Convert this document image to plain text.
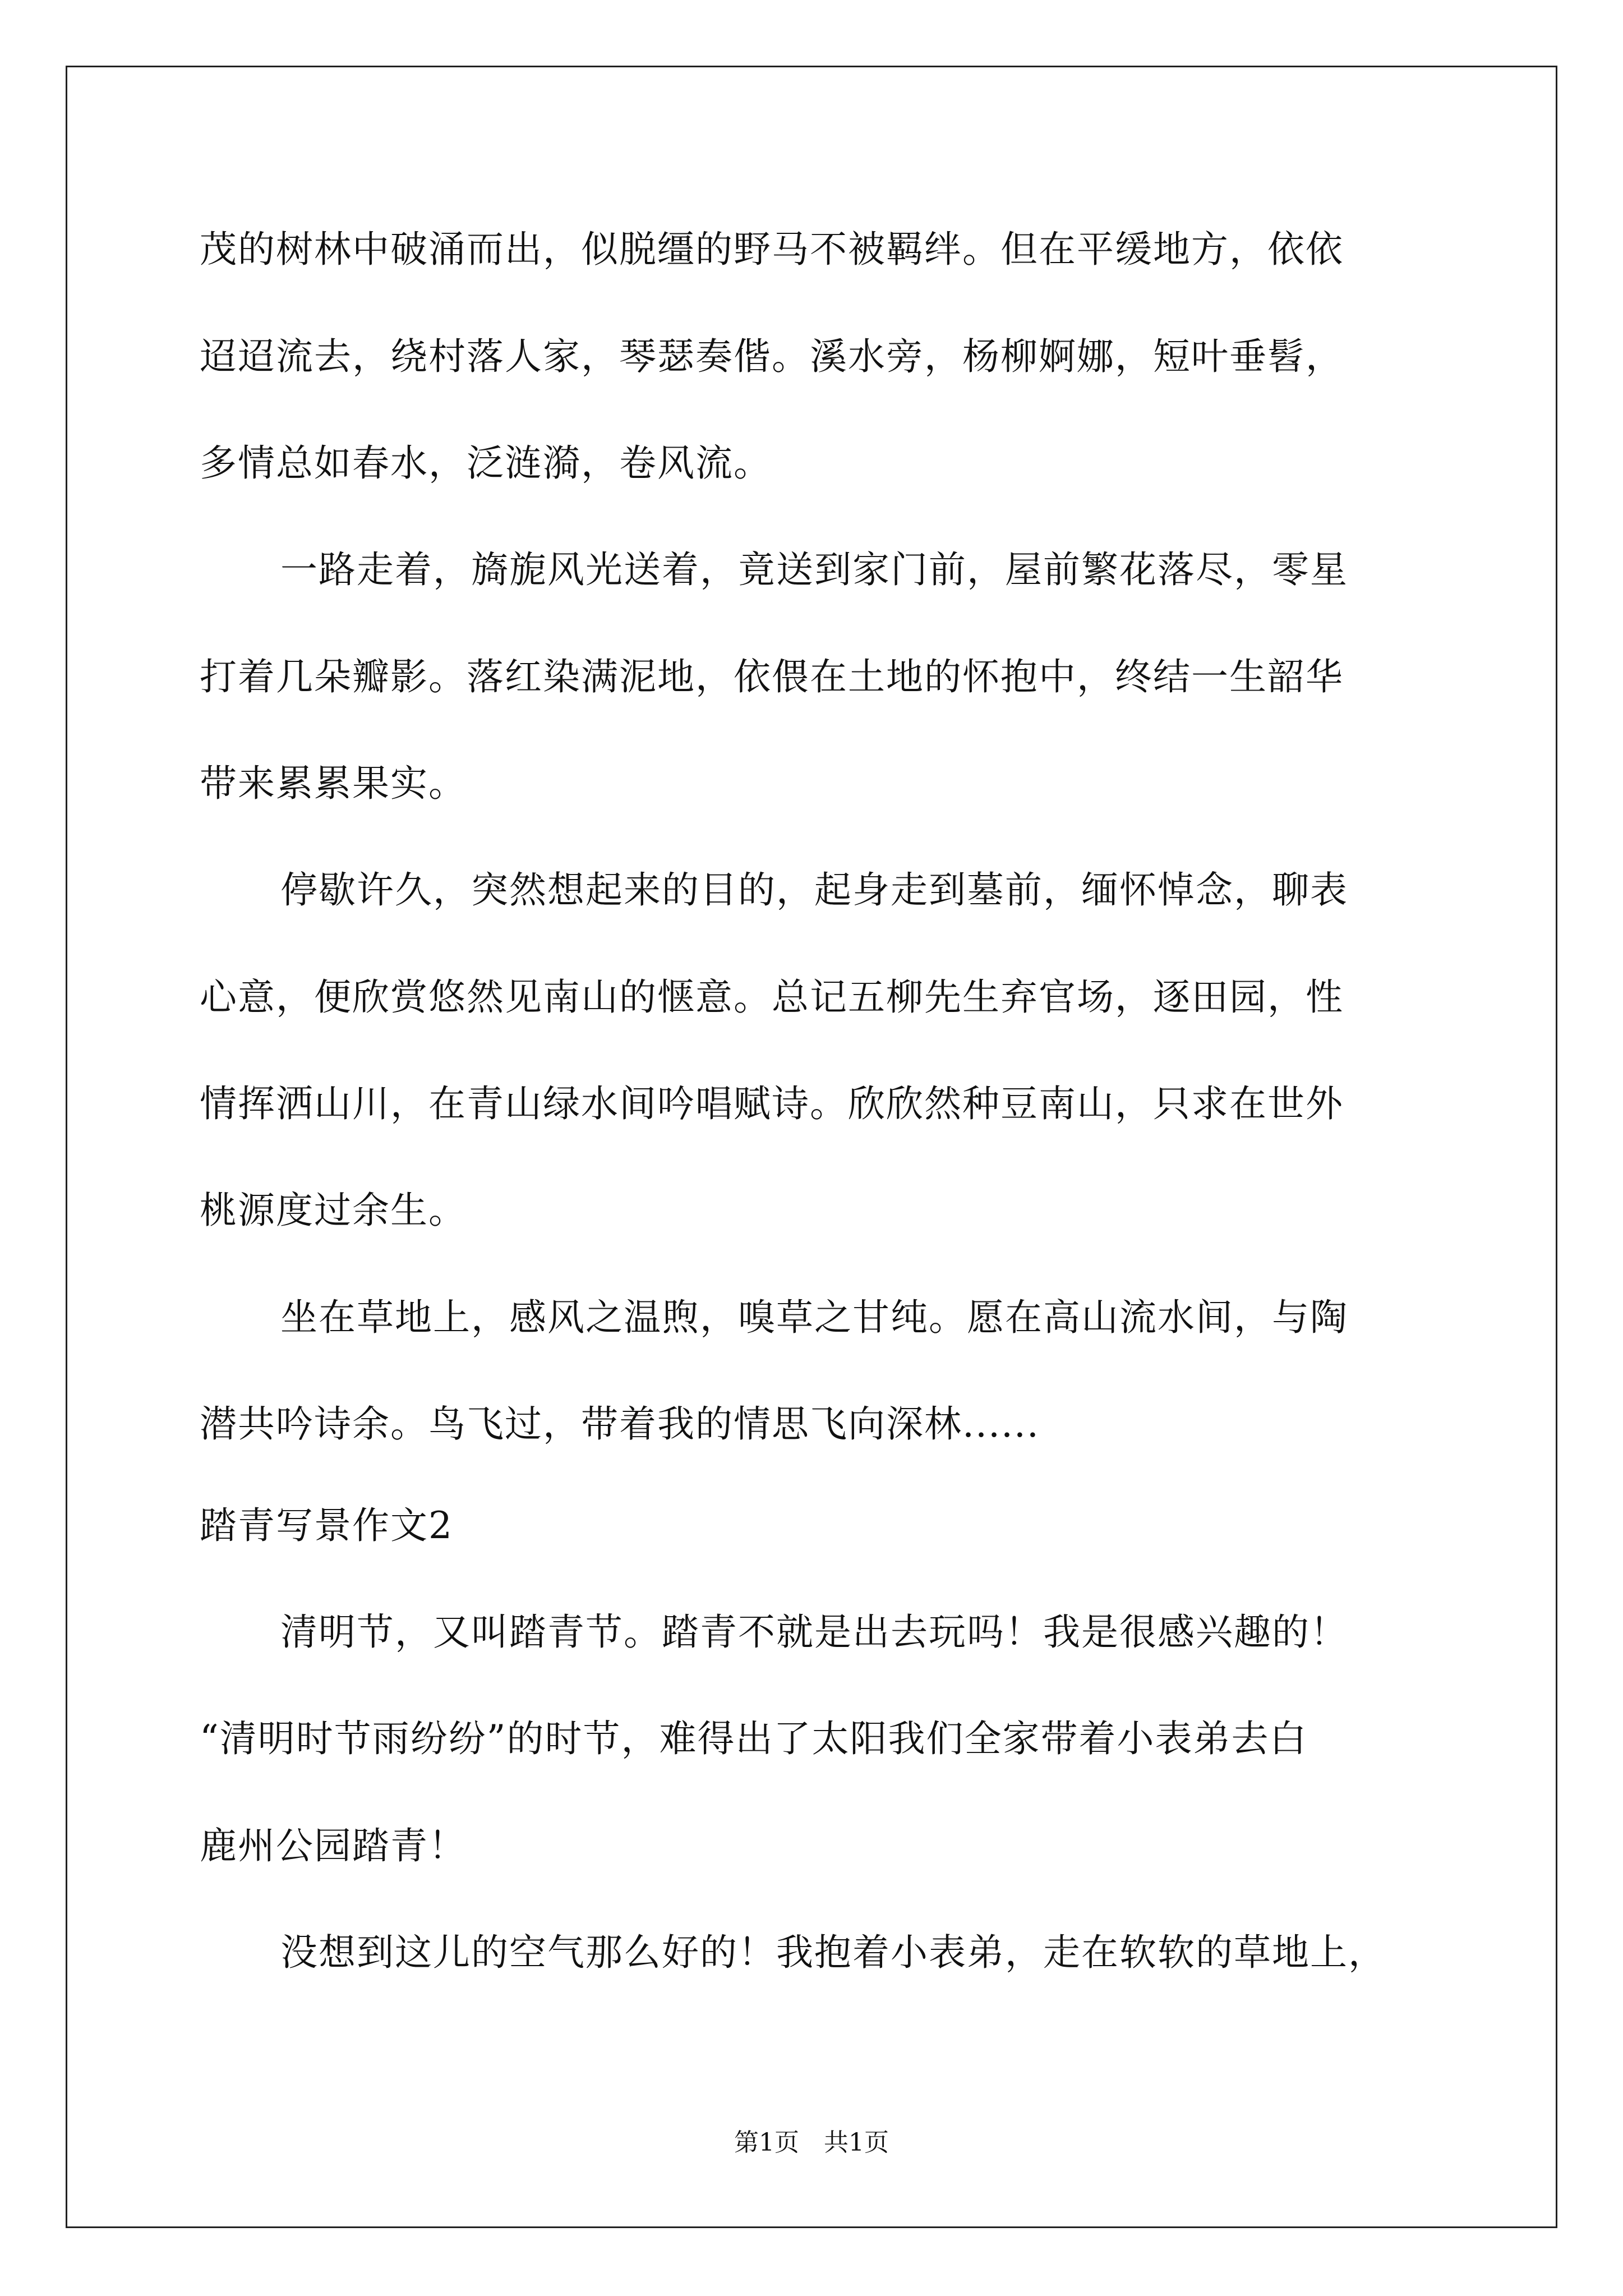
茂的树林中破涌而出，似脱缰的野马不被羁绊。但在平缓地方，依依
迢迢流去，绕村落人家，琴瑟奏偕。溪水旁，杨柳婀娜，短叶垂髫，
多情总如春水，泛涟漪，卷风流。
一路走着，旖旎风光送着，竟送到家门前，屋前繁花落尽，零星
打着几朵瓣影。落红染满泥地，依偎在土地的怀抱中，终结一生韶华
带来累累果实。
停歇许久，突然想起来的目的，起身走到墓前，缅怀悼念，聊表
心意，便欣赏悠然见南山的惬意。总记五柳先生弃官场，逐田园，性
情挥洒山川，在青山绿水间吟唱赋诗。欣欣然种豆南山，只求在世外
桃源度过余生。
坐在草地上，感风之温煦，嗅草之甘纯。愿在高山流水间，与陶
潜共吟诗余。鸟飞过，带着我的情思飞向深林......
踏青写景作文2
清明节，又叫踏青节。踏青不就是出去玩吗！我是很感兴趣的！
“清明时节雨纷纷”的时节，难得出了太阳我们全家带着小表弟去白
鹿州公园踏青！
没想到这儿的空气那么好的！我抱着小表弟，走在软软的草地上，
第1页　共1页
